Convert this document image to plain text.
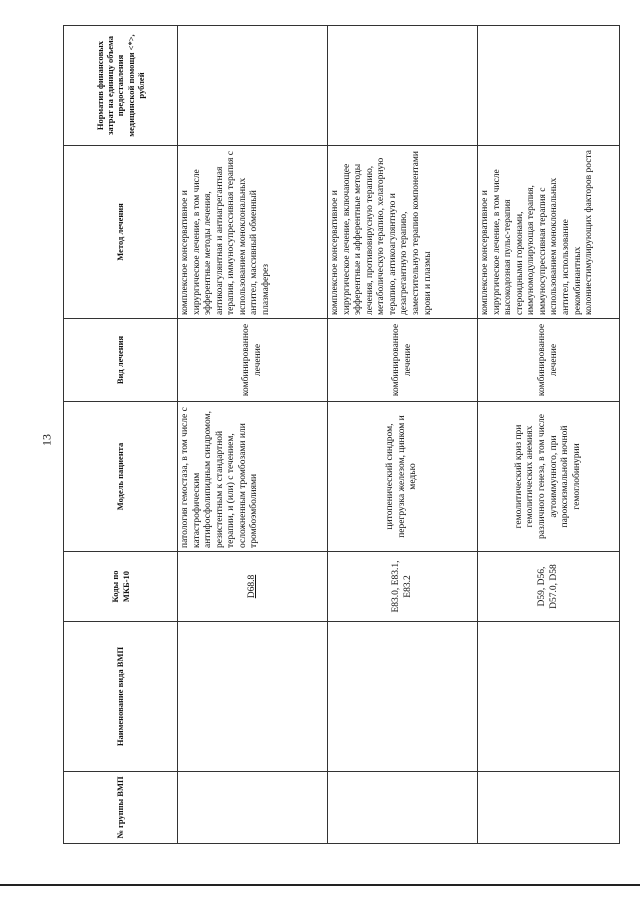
13
№ группы ВМП	Наименование вида ВМП	Коды по МКБ-10	Модель пациента	Вид лечения	Метод лечения	Норматив финансовых затрат на единицу объема предоставления медицинской помощи <*>, рублей
		D68.8	патология гемостаза, в том числе с катастрофическим антифосфолипидным синдромом, резистентным к стандартной терапии, и (или) с течением, осложненным тромбозами или тромбоэмболиями	комбинированное лечение	комплексное консервативное и хирургическое лечение, в том числе эфферентные методы лечения, антикоагулянтная и антиагрегантная терапия, иммуносупрессивная терапия с использованием моноклональных антител, массивный обменный плазмаферез	
		E83.0, E83.1, E83.2	цитопенический синдром, перегрузка железом, цинком и медью	комбинированное лечение	комплексное консервативное и хирургическое лечение, включающее эфферентные и афферентные методы лечения, противовирусную терапию, метаболическую терапию, хелаторную терапию, антикоагулянтную и дезагрегантную терапию, заместительную терапию компонентами крови и плазмы	
		D59, D56, D57.0, D58	гемолитический криз при гемолитических анемиях различного генеза, в том числе аутоиммунного, при пароксизмальной ночной гемоглобинурии	комбинированное лечение	комплексное консервативное и хирургическое лечение, в том числе высокодозная пульс-терапия стероидными гормонами, иммуномодулирующая терапия, иммуносупрессивная терапия с использованием моноклональных антител, использование рекомбинантных колониестимулирующих факторов роста	
